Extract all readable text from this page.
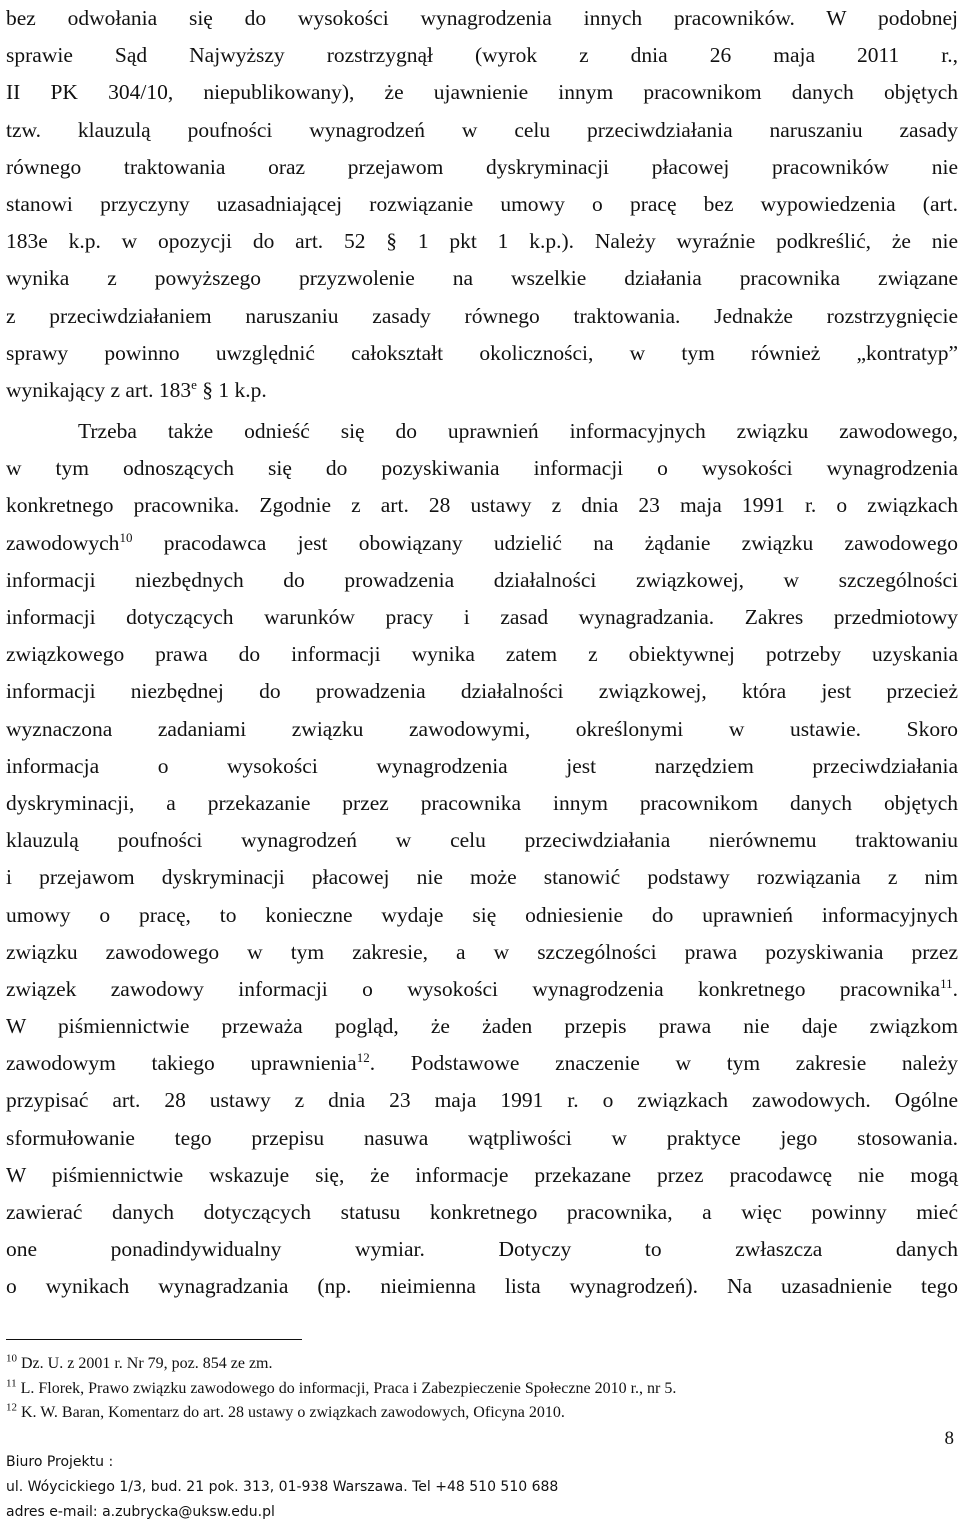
bez odwołania się do wysokości wynagrodzenia innych pracowników. W podobnej
sprawie Sąd Najwyższy rozstrzygnął (wyrok z dnia 26 maja 2011 r.,
II PK 304/10, niepublikowany), że ujawnienie innym pracownikom danych objętych
tzw. klauzulą poufności wynagrodzeń w celu przeciwdziałania naruszaniu zasady
równego traktowania oraz przejawom dyskryminacji płacowej pracowników nie
stanowi przyczyny uzasadniającej rozwiązanie umowy o pracę bez wypowiedzenia (art.
183e k.p. w opozycji do art. 52 § 1 pkt 1 k.p.). Należy wyraźnie podkreślić, że nie
wynika z powyższego przyzwolenie na wszelkie działania pracownika związane
z przeciwdziałaniem naruszaniu zasady równego traktowania. Jednakże rozstrzygnięcie
sprawy powinno uwzględnić całokształt okoliczności, w tym również „kontratyp”
wynikający z art. 183e § 1 k.p.
Trzeba także odnieść się do uprawnień informacyjnych związku zawodowego,
w tym odnoszących się do pozyskiwania informacji o wysokości wynagrodzenia
konkretnego pracownika. Zgodnie z art. 28 ustawy z dnia 23 maja 1991 r. o związkach
zawodowych$^{10}$ pracodawca jest obowiązany udzielić na żądanie związku zawodowego
informacji niezbędnych do prowadzenia działalności związkowej, w szczególności
informacji dotyczących warunków pracy i zasad wynagradzania. Zakres przedmiotowy
związkowego prawa do informacji wynika zatem z obiektywnej potrzeby uzyskania
informacji niezbędnej do prowadzenia działalności związkowej, która jest przecież
wyznaczona zadaniami związku zawodowymi, określonymi w ustawie. Skoro
informacja o wysokości wynagrodzenia jest narzędziem przeciwdziałania
dyskryminacji, a przekazanie przez pracownika innym pracownikom danych objętych
klauzulą poufności wynagrodzeń w celu przeciwdziałania nierównemu traktowaniu
i przejawom dyskryminacji płacowej nie może stanowić podstawy rozwiązania z nim
umowy o pracę, to konieczne wydaje się odniesienie do uprawnień informacyjnych
związku zawodowego w tym zakresie, a w szczególności prawa pozyskiwania przez
związek zawodowy informacji o wysokości wynagrodzenia konkretnego pracownika$^{11}$.
W piśmiennictwie przeważa pogląd, że żaden przepis prawa nie daje związkom
zawodowym takiego uprawnienia$^{12}$. Podstawowe znaczenie w tym zakresie należy
przypisać art. 28 ustawy z dnia 23 maja 1991 r. o związkach zawodowych. Ogólne
sformułowanie tego przepisu nasuwa wątpliwości w praktyce jego stosowania.
W piśmiennictwie wskazuje się, że informacje przekazane przez pracodawcę nie mogą
zawierać danych dotyczących statusu konkretnego pracownika, a więc powinny mieć
one ponadindywidualny wymiar. Dotyczy to zwłaszcza danych
o wynikach wynagradzania (np. nieimienna lista wynagrodzeń). Na uzasadnienie tego
$^{10}$ Dz. U. z 2001 r. Nr 79, poz. 854 ze zm.
$^{11}$ L. Florek, Prawo związku zawodowego do informacji, Praca i Zabezpieczenie Społeczne 2010 r., nr 5.
$^{12}$ K. W. Baran, Komentarz do art. 28 ustawy o związkach zawodowych, Oficyna 2010.
8
Biuro Projektu :
ul. Wóycickiego 1/3, bud. 21 pok. 313, 01-938 Warszawa. Tel +48 510 510 688
adres e-mail: a.zubrycka@uksw.edu.pl
